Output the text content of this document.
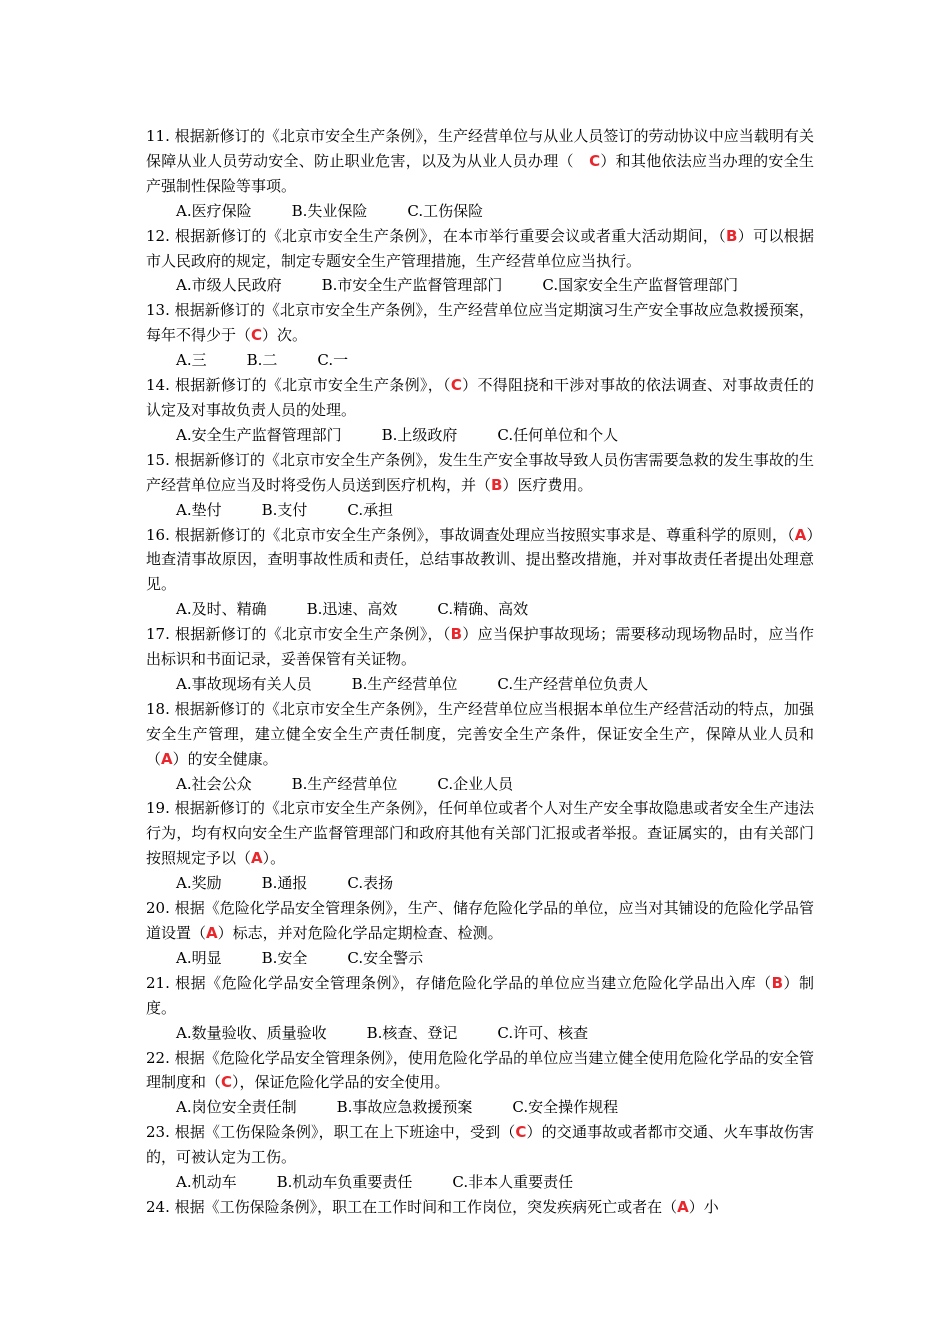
11. 根据新修订的《北京市安全生产条例》，生产经营单位与从业人员签订的劳动协议中应当载明有关保障从业人员劳动安全、防止职业危害，以及为从业人员办理（　C）和其他依法应当办理的安全生产强制性保险等事项。

A.医疗保险	B.失业保险	C.工伤保险

12. 根据新修订的《北京市安全生产条例》，在本市举行重要会议或者重大活动期间，（B）可以根据市人民政府的规定，制定专题安全生产管理措施，生产经营单位应当执行。

A.市级人民政府	B.市安全生产监督管理部门	C.国家安全生产监督管理部门

13. 根据新修订的《北京市安全生产条例》，生产经营单位应当定期演习生产安全事故应急救援预案，每年不得少于（C）次。

A.三	B.二	C.一

14. 根据新修订的《北京市安全生产条例》，（C）不得阻挠和干涉对事故的依法调查、对事故责任的认定及对事故负责人员的处理。

A.安全生产监督管理部门	B.上级政府	C.任何单位和个人

15. 根据新修订的《北京市安全生产条例》，发生生产安全事故导致人员伤害需要急救的发生事故的生产经营单位应当及时将受伤人员送到医疗机构，并（B）医疗费用。

A.垫付	B.支付	C.承担

16. 根据新修订的《北京市安全生产条例》，事故调查处理应当按照实事求是、尊重科学的原则，（A）地查清事故原因，查明事故性质和责任，总结事故教训、提出整改措施，并对事故责任者提出处理意见。

A.及时、精确	B.迅速、高效	C.精确、高效

17. 根据新修订的《北京市安全生产条例》，（B）应当保护事故现场；需要移动现场物品时，应当作出标识和书面记录，妥善保管有关证物。

A.事故现场有关人员	B.生产经营单位	C.生产经营单位负责人

18. 根据新修订的《北京市安全生产条例》，生产经营单位应当根据本单位生产经营活动的特点，加强安全生产管理，建立健全安全生产责任制度，完善安全生产条件，保证安全生产，保障从业人员和（A）的安全健康。

A.社会公众	B.生产经营单位	C.企业人员

19. 根据新修订的《北京市安全生产条例》，任何单位或者个人对生产安全事故隐患或者安全生产违法行为，均有权向安全生产监督管理部门和政府其他有关部门汇报或者举报。查证属实的，由有关部门按照规定予以（A）。

A.奖励	B.通报	C.表扬

20. 根据《危险化学品安全管理条例》，生产、储存危险化学品的单位，应当对其铺设的危险化学品管道设置（A）标志，并对危险化学品定期检查、检测。

A.明显	B.安全	C.安全警示

21. 根据《危险化学品安全管理条例》，存储危险化学品的单位应当建立危险化学品出入库（B）制度。

A.数量验收、质量验收	B.核查、登记	C.许可、核查

22. 根据《危险化学品安全管理条例》，使用危险化学品的单位应当建立健全使用危险化学品的安全管理制度和（C），保证危险化学品的安全使用。

A.岗位安全责任制	B.事故应急救援预案	C.安全操作规程

23. 根据《工伤保险条例》，职工在上下班途中，受到（C）的交通事故或者都市交通、火车事故伤害的，可被认定为工伤。

A.机动车	B.机动车负重要责任	C.非本人重要责任

24. 根据《工伤保险条例》，职工在工作时间和工作岗位，突发疾病死亡或者在（A）小
